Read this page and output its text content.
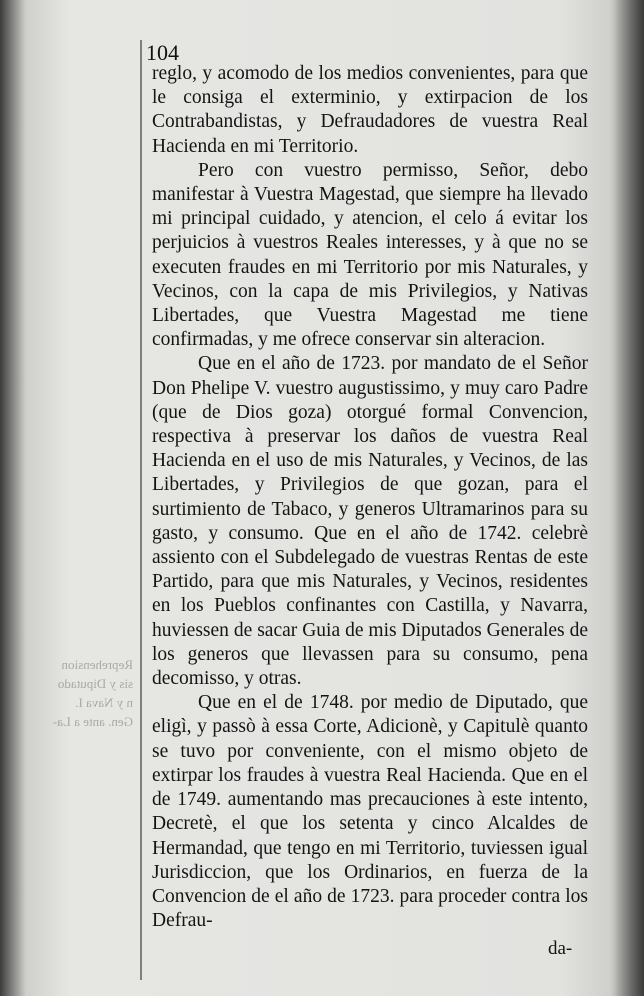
Reprehension
sis y Diputado
n y Nava I.
Gen. ante a La-
104

reglo, y acomodo de los medios convenientes, para que le consiga el exterminio, y extirpacion de los Contrabandistas, y Defraudadores de vuestra Real Hacienda en mi Territorio.

Pero con vuestro permisso, Señor, debo manifestar à Vuestra Magestad, que siempre ha llevado mi principal cuidado, y atencion, el celo á evitar los perjuicios à vuestros Reales interesses, y à que no se executen fraudes en mi Territorio por mis Naturales, y Vecinos, con la capa de mis Privilegios, y Nativas Libertades, que Vuestra Magestad me tiene confirmadas, y me ofrece conservar sin alteracion.

Que en el año de 1723. por mandato de el Señor Don Phelipe V. vuestro augustissimo, y muy caro Padre (que de Dios goza) otorgué formal Convencion, respectiva à preservar los daños de vuestra Real Hacienda en el uso de mis Naturales, y Vecinos, de las Libertades, y Privilegios de que gozan, para el surtimiento de Tabaco, y generos Ultramarinos para su gasto, y consumo. Que en el año de 1742. celebrè assiento con el Subdelegado de vuestras Rentas de este Partido, para que mis Naturales, y Vecinos, residentes en los Pueblos confinantes con Castilla, y Navarra, huviessen de sacar Guia de mis Diputados Generales de los generos que llevassen para su consumo, pena decomisso, y otras.

Que en el de 1748. por medio de Diputado, que eligì, y passò à essa Corte, Adicionè, y Capitulè quanto se tuvo por conveniente, con el mismo objeto de extirpar los fraudes à vuestra Real Hacienda. Que en el de 1749. aumentando mas precauciones à este intento, Decretè, el que los setenta y cinco Alcaldes de Hermandad, que tengo en mi Territorio, tuviessen igual Jurisdiccion, que los Ordinarios, en fuerza de la Convencion de el año de 1723. para proceder contra los Defrau-

da-
